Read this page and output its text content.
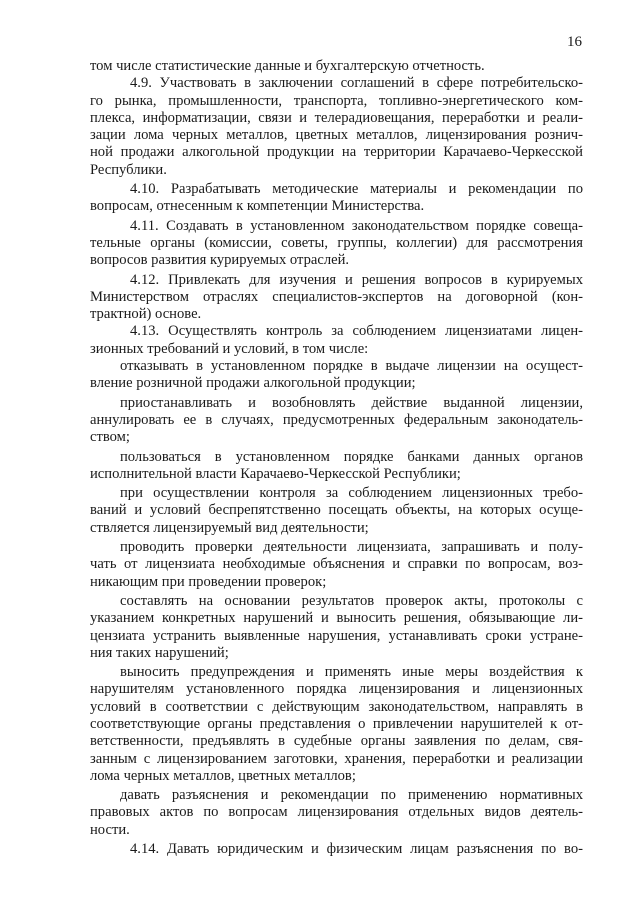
16
том числе статистические данные и бухгалтерскую отчетность.
4.9. Участвовать в заключении соглашений в сфере потребительско-
го рынка, промышленности, транспорта, топливно-энергетического ком-
плекса, информатизации, связи и телерадиовещания, переработки и реали-
зации лома черных металлов, цветных металлов, лицензирования рознич-
ной продажи алкогольной продукции на территории Карачаево-Черкесской
Республики.
4.10. Разрабатывать методические материалы и рекомендации по
вопросам, отнесенным к компетенции Министерства.
4.11. Создавать в установленном законодательством порядке совеща-
тельные органы (комиссии, советы, группы, коллегии) для рассмотрения
вопросов развития курируемых отраслей.
4.12. Привлекать для изучения и решения вопросов в курируемых
Министерством отраслях специалистов-экспертов на договорной (кон-
трактной) основе.
4.13. Осуществлять контроль за соблюдением лицензиатами лицен-
зионных требований и условий, в том числе:
отказывать в установленном порядке в выдаче лицензии на осущест-
вление розничной продажи алкогольной продукции;
приостанавливать и возобновлять действие выданной лицензии,
аннулировать ее в случаях, предусмотренных федеральным законодатель-
ством;
пользоваться в установленном порядке банками данных органов
исполнительной власти Карачаево-Черкесской Республики;
при осуществлении контроля за соблюдением лицензионных требо-
ваний и условий беспрепятственно посещать объекты, на которых осуще-
ствляется лицензируемый вид деятельности;
проводить проверки деятельности лицензиата, запрашивать и полу-
чать от лицензиата необходимые объяснения и справки по вопросам, воз-
никающим при проведении проверок;
составлять на основании результатов проверок акты, протоколы с
указанием конкретных нарушений и выносить решения, обязывающие ли-
цензиата устранить выявленные нарушения, устанавливать сроки устране-
ния таких нарушений;
выносить предупреждения и применять иные меры воздействия к
нарушителям установленного порядка лицензирования и лицензионных
условий в соответствии с действующим законодательством, направлять в
соответствующие органы представления о привлечении нарушителей к от-
ветственности, предъявлять в судебные органы заявления по делам, свя-
занным с лицензированием заготовки, хранения, переработки и реализации
лома черных металлов, цветных металлов;
давать разъяснения и рекомендации по применению нормативных
правовых актов по вопросам лицензирования отдельных видов деятель-
ности.
4.14. Давать юридическим и физическим лицам разъяснения по во-
